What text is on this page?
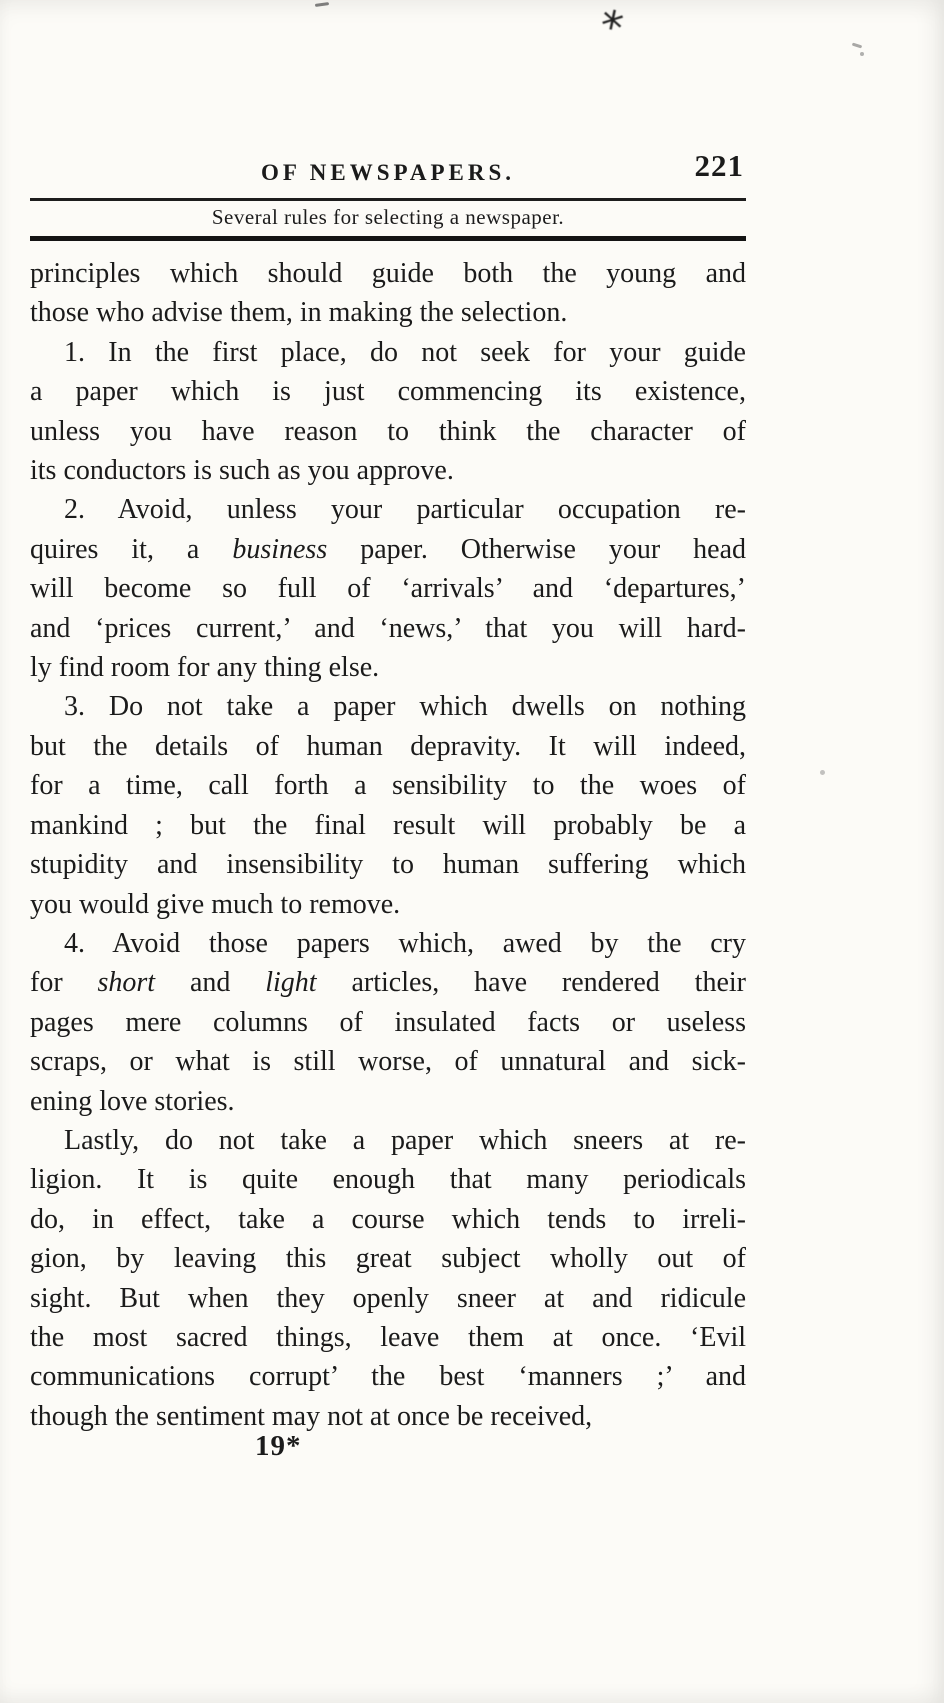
*
OF NEWSPAPERS.	221
Several rules for selecting a newspaper.
principles which should guide both the young and
those who advise them, in making the selection.
1. In the first place, do not seek for your guide
a paper which is just commencing its existence,
unless you have reason to think the character of
its conductors is such as you approve.
2. Avoid, unless your particular occupation re-
quires it, a business paper. Otherwise your head
will become so full of ‘arrivals’ and ‘departures,’
and ‘prices current,’ and ‘news,’ that you will hard-
ly find room for any thing else.
3. Do not take a paper which dwells on nothing
but the details of human depravity. It will indeed,
for a time, call forth a sensibility to the woes of
mankind ; but the final result will probably be a
stupidity and insensibility to human suffering which
you would give much to remove.
4. Avoid those papers which, awed by the cry
for short and light articles, have rendered their
pages mere columns of insulated facts or useless
scraps, or what is still worse, of unnatural and sick-
ening love stories.
Lastly, do not take a paper which sneers at re-
ligion. It is quite enough that many periodicals
do, in effect, take a course which tends to irreli-
gion, by leaving this great subject wholly out of
sight. But when they openly sneer at and ridicule
the most sacred things, leave them at once. ‘Evil
communications corrupt’ the best ‘manners ;’ and
though the sentiment may not at once be received,
19*
